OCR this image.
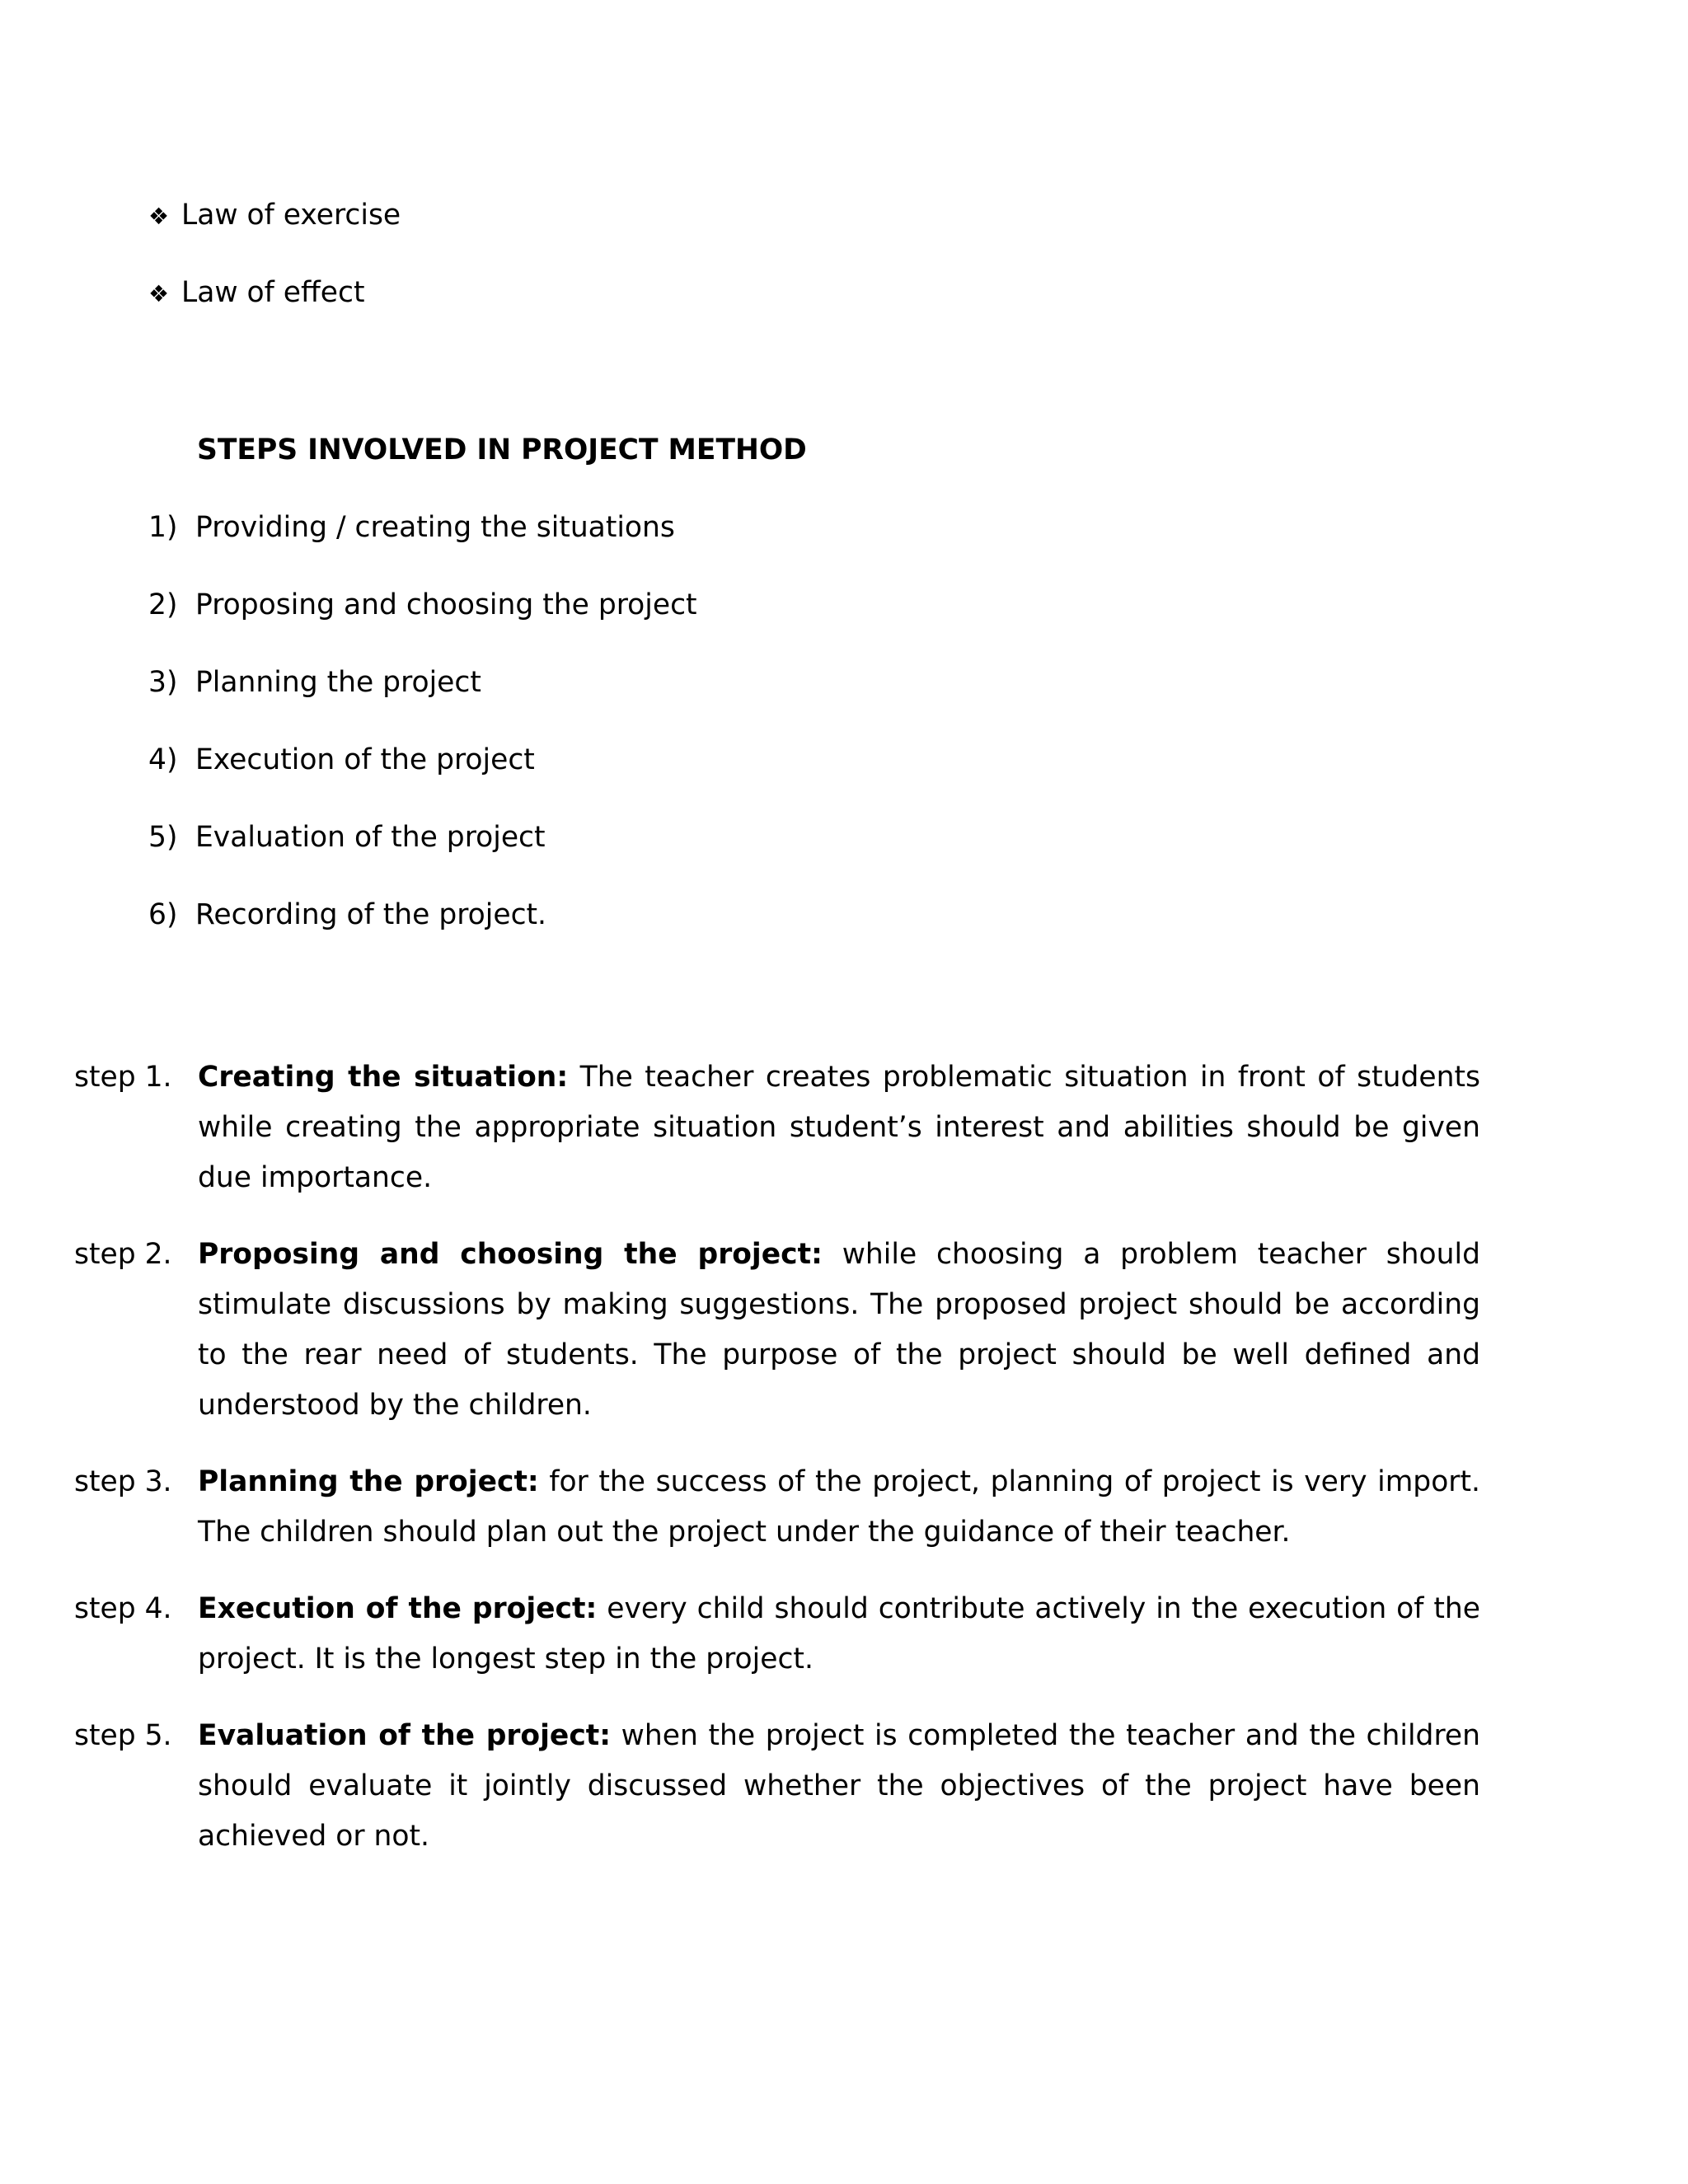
❖ Law of exercise
❖ Law of effect
STEPS INVOLVED IN PROJECT METHOD
1) Providing / creating the situations
2) Proposing and choosing the project
3) Planning the project
4) Execution of the project
5) Evaluation of the project
6) Recording of the project.
step 1. Creating the situation: The teacher creates problematic situation in front of students while creating the appropriate situation student’s interest and abilities should be given due importance.
step 2. Proposing and choosing the project: while choosing a problem teacher should stimulate discussions by making suggestions. The proposed project should be according to the rear need of students. The purpose of the project should be well defined and understood by the children.
step 3. Planning the project: for the success of the project, planning of project is very import. The children should plan out the project under the guidance of their teacher.
step 4. Execution of the project: every child should contribute actively in the execution of the project. It is the longest step in the project.
step 5. Evaluation of the project: when the project is completed the teacher and the children should evaluate it jointly discussed whether the objectives of the project have been achieved or not.
